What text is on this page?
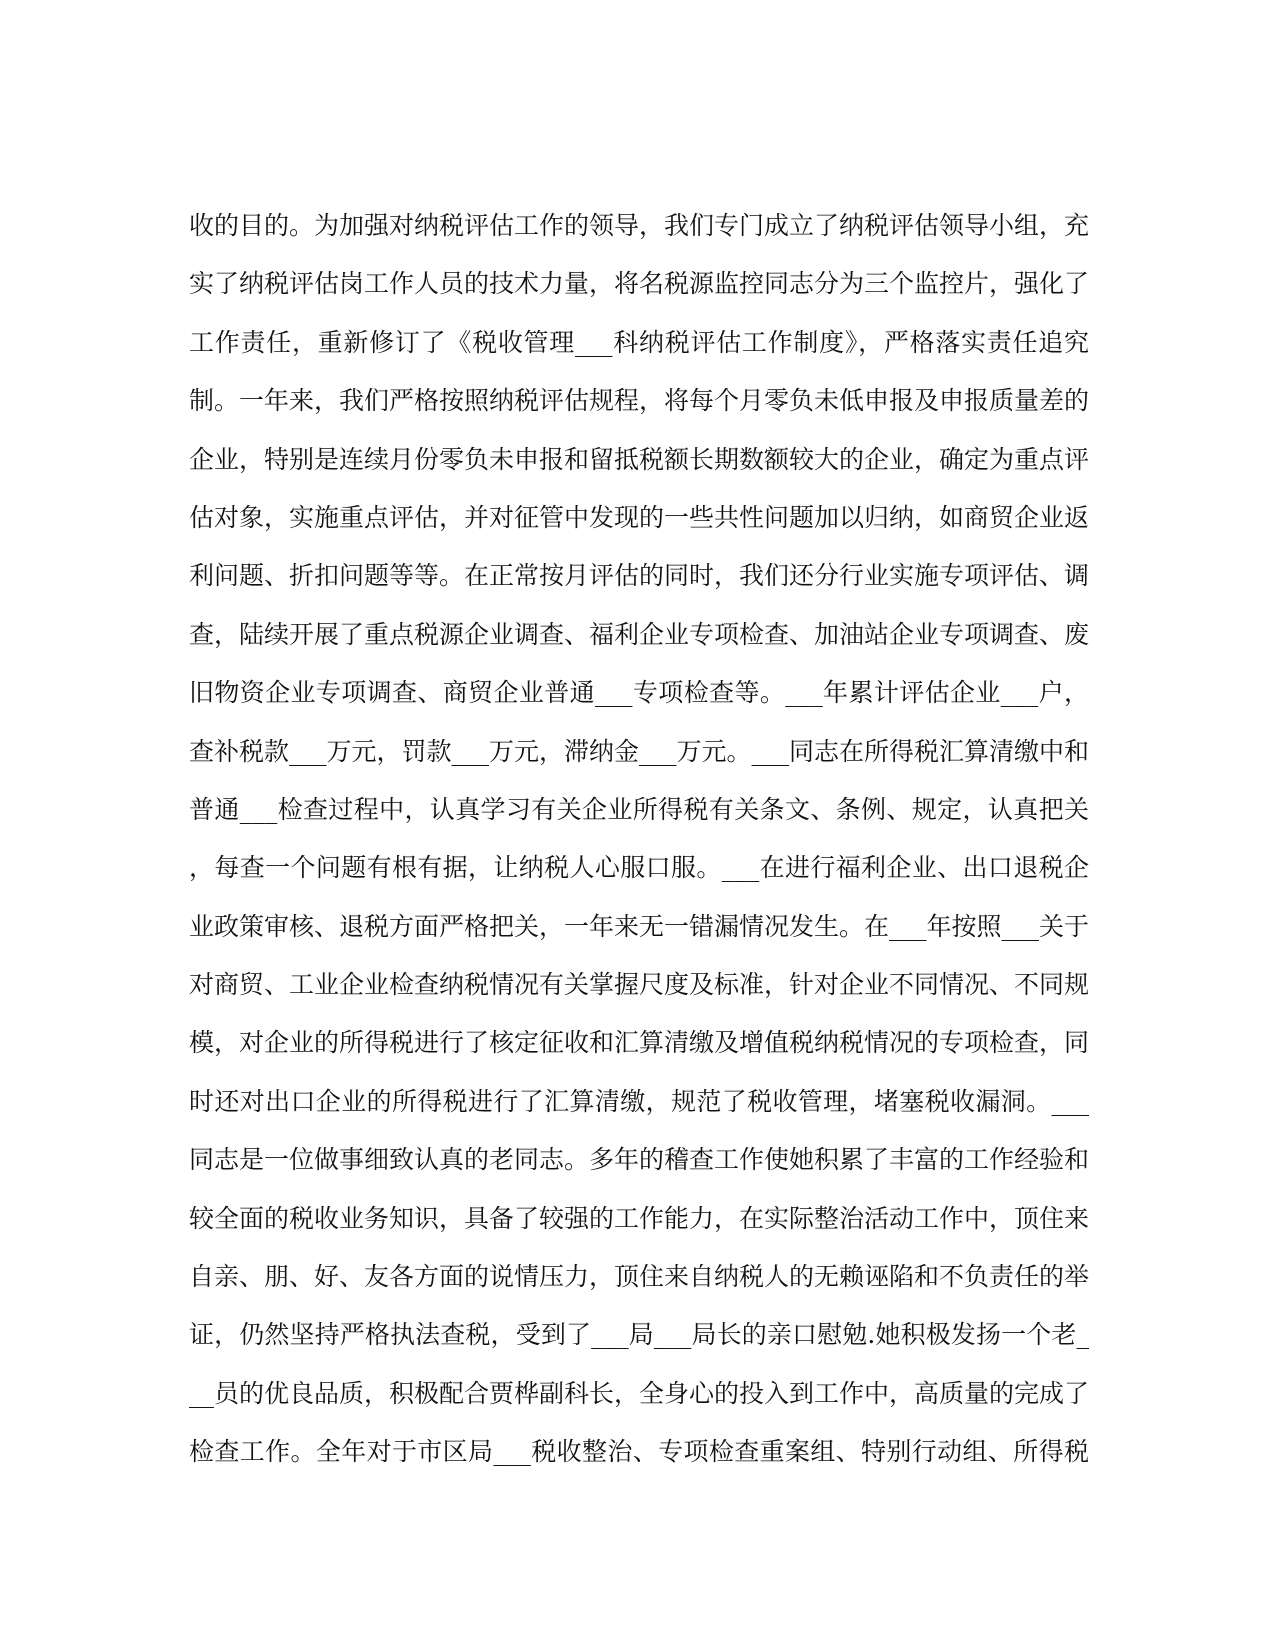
收的目的。为加强对纳税评估工作的领导，我们专门成立了纳税评估领导小组，充
实了纳税评估岗工作人员的技术力量，将名税源监控同志分为三个监控片，强化了
工作责任，重新修订了《税收管理___科纳税评估工作制度》，严格落实责任追究
制。一年来，我们严格按照纳税评估规程，将每个月零负未低申报及申报质量差的
企业，特别是连续月份零负未申报和留抵税额长期数额较大的企业，确定为重点评
估对象，实施重点评估，并对征管中发现的一些共性问题加以归纳，如商贸企业返
利问题、折扣问题等等。在正常按月评估的同时，我们还分行业实施专项评估、调
查，陆续开展了重点税源企业调查、福利企业专项检查、加油站企业专项调查、废
旧物资企业专项调查、商贸企业普通___专项检查等。___年累计评估企业___户，
查补税款___万元，罚款___万元，滞纳金___万元。___同志在所得税汇算清缴中和
普通___检查过程中，认真学习有关企业所得税有关条文、条例、规定，认真把关
，每查一个问题有根有据，让纳税人心服口服。___在进行福利企业、出口退税企
业政策审核、退税方面严格把关，一年来无一错漏情况发生。在___年按照___关于
对商贸、工业企业检查纳税情况有关掌握尺度及标准，针对企业不同情况、不同规
模，对企业的所得税进行了核定征收和汇算清缴及增值税纳税情况的专项检查，同
时还对出口企业的所得税进行了汇算清缴，规范了税收管理，堵塞税收漏洞。___
同志是一位做事细致认真的老同志。多年的稽查工作使她积累了丰富的工作经验和
较全面的税收业务知识，具备了较强的工作能力，在实际整治活动工作中，顶住来
自亲、朋、好、友各方面的说情压力，顶住来自纳税人的无赖诬陷和不负责任的举
证，仍然坚持严格执法查税，受到了___局___局长的亲口慰勉.她积极发扬一个老_
__员的优良品质，积极配合贾桦副科长，全身心的投入到工作中，高质量的完成了
检查工作。全年对于市区局___税收整治、专项检查重案组、特别行动组、所得税
